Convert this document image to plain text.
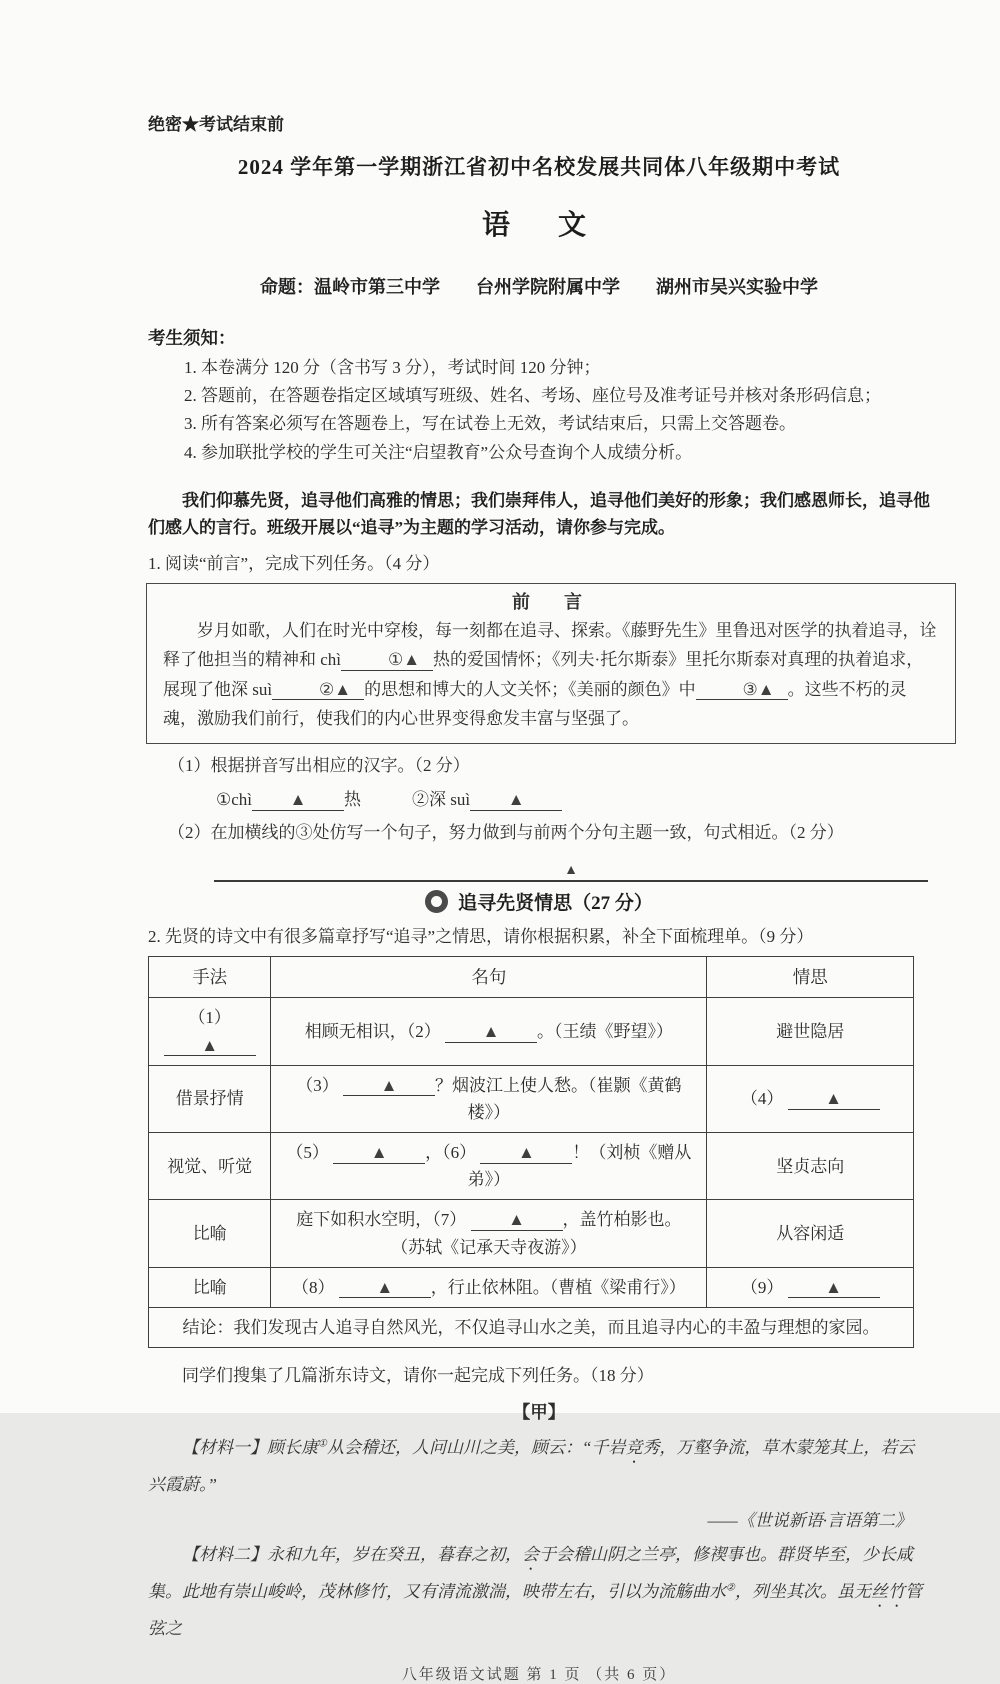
绝密★考试结束前
2024 学年第一学期浙江省初中名校发展共同体八年级期中考试
语　文
命题：温岭市第三中学　　台州学院附属中学　　湖州市吴兴实验中学
考生须知：
1. 本卷满分 120 分（含书写 3 分），考试时间 120 分钟；
2. 答题前，在答题卷指定区域填写班级、姓名、考场、座位号及准考证号并核对条形码信息；
3. 所有答案必须写在答题卷上，写在试卷上无效，考试结束后，只需上交答题卷。
4. 参加联批学校的学生可关注“启望教育”公众号查询个人成绩分析。
我们仰慕先贤，追寻他们高雅的情思；我们崇拜伟人，追寻他们美好的形象；我们感恩师长，追寻他们感人的言行。班级开展以“追寻”为主题的学习活动，请你参与完成。
1. 阅读“前言”，完成下列任务。（4 分）
前　言
岁月如歌，人们在时光中穿梭，每一刻都在追寻、探索。《藤野先生》里鲁迅对医学的执着追寻，诠释了他担当的精神和 chì	①▲ 热的爱国情怀；《列夫·托尔斯泰》里托尔斯泰对真理的执着追求，展现了他深 suì	②▲ 的思想和博大的人文关怀；《美丽的颜色》中	③▲ 。这些不朽的灵魂，激励我们前行，使我们的内心世界变得愈发丰富与坚强了。
（1）根据拼音写出相应的汉字。（2 分）
①chì ▲ 热　　　②深 suì ▲
（2）在加横线的③处仿写一个句子，努力做到与前两个分句主题一致，句式相近。（2 分）
▲
追寻先贤情思（27 分）
2. 先贤的诗文中有很多篇章抒写“追寻”之情思，请你根据积累，补全下面梳理单。（9 分）
手法	名句	情思
（1） ▲	相顾无相识，（2） ▲ 。（王绩《野望》）	避世隐居
借景抒情	（3） ▲ ？烟波江上使人愁。（崔颢《黄鹤楼》）	（4） ▲
视觉、听觉	（5） ▲ ，（6） ▲ ！（刘桢《赠从弟》）	坚贞志向
比喻	庭下如积水空明，（7） ▲ ，盖竹柏影也。
（苏轼《记承天寺夜游》）	从容闲适
比喻	（8） ▲ ，行止依林阻。（曹植《梁甫行》）	（9） ▲
结论：我们发现古人追寻自然风光，不仅追寻山水之美，而且追寻内心的丰盈与理想的家园。		
同学们搜集了几篇浙东诗文，请你一起完成下列任务。（18 分）
【甲】
【材料一】顾长康①从会稽还，人问山川之美，顾云：“千岩竞秀，万壑争流，草木蒙笼其上，若云兴霞蔚。”
——《世说新语·言语第二》
【材料二】永和九年，岁在癸丑，暮春之初，会于会稽山阴之兰亭，修禊事也。群贤毕至，少长咸集。此地有崇山峻岭，茂林修竹，又有清流激湍，映带左右，引以为流觞曲水②，列坐其次。虽无丝竹管弦之
八年级语文试题 第 1 页 （共 6 页）
